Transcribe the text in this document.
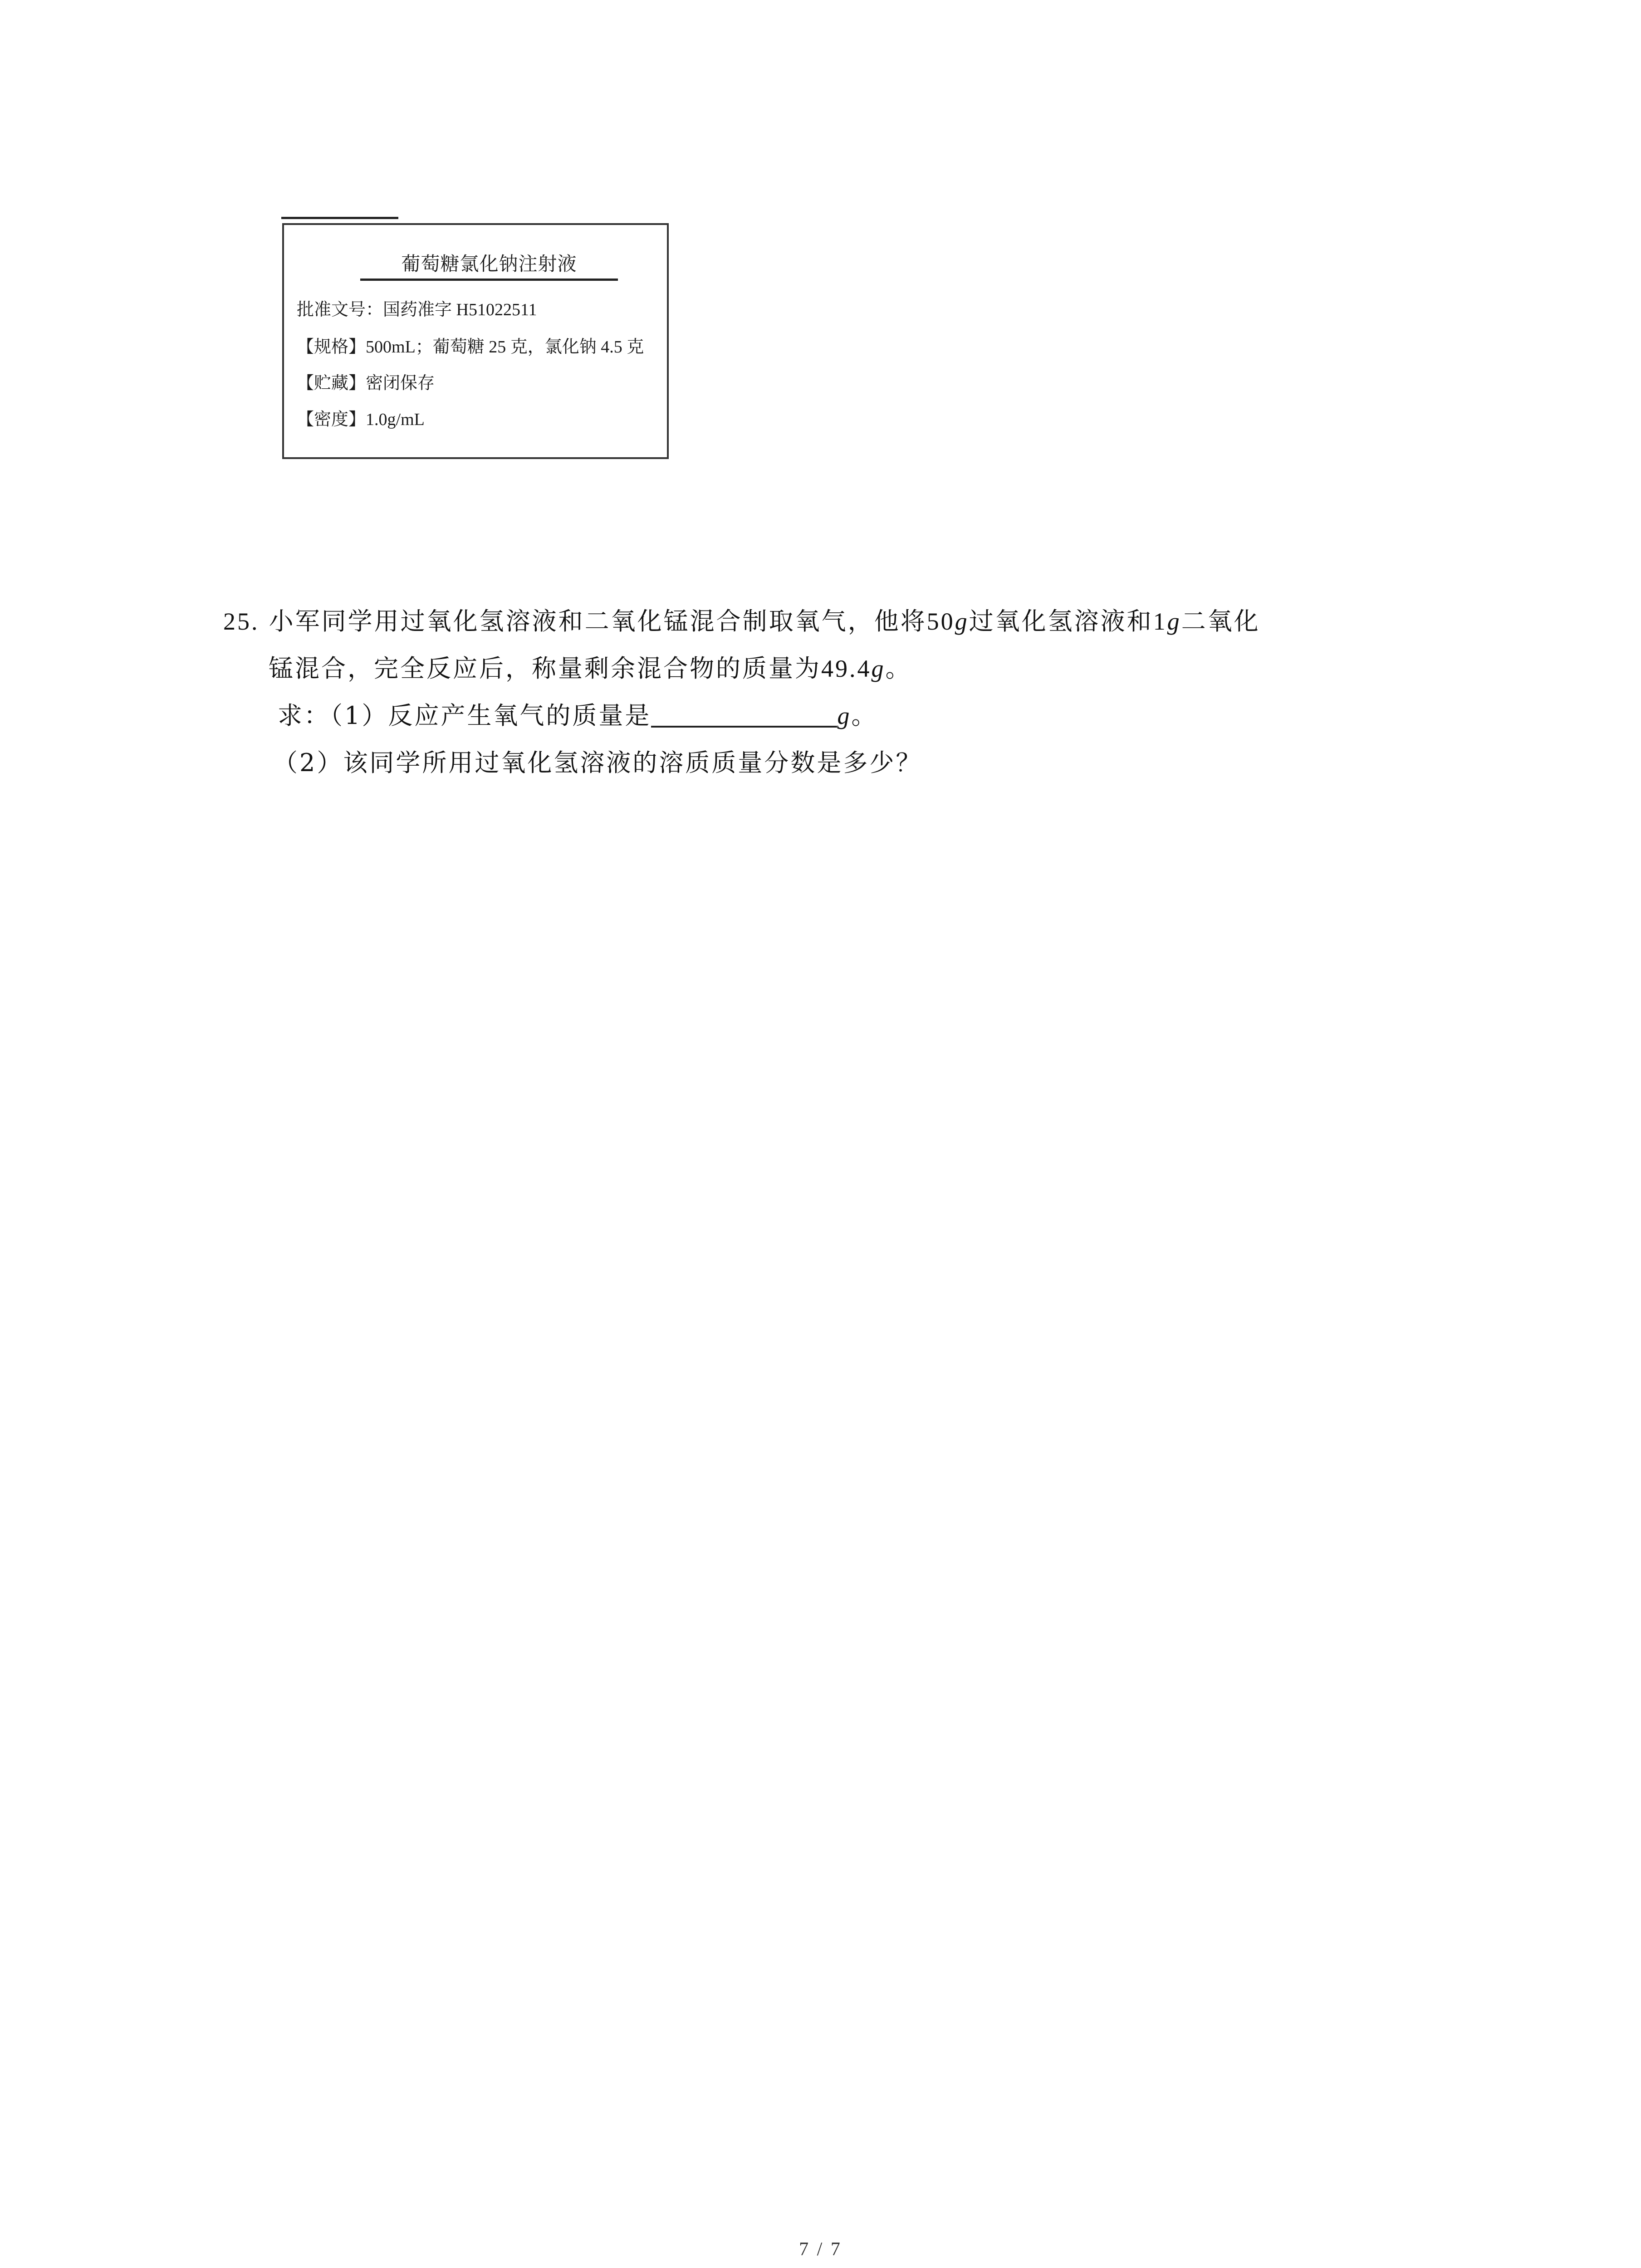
葡萄糖氯化钠注射液
批准文号：国药准字 H51022511
【规格】500mL；葡萄糖 25 克，氯化钠 4.5 克
【贮藏】密闭保存
【密度】1.0g/mL
25. 小军同学用过氧化氢溶液和二氧化锰混合制取氧气，他将50g过氧化氢溶液和1g二氧化
锰混合，完全反应后，称量剩余混合物的质量为49.4g。
求：（1）反应产生氧气的质量是	g。
（2）该同学所用过氧化氢溶液的溶质质量分数是多少？
7 / 7
